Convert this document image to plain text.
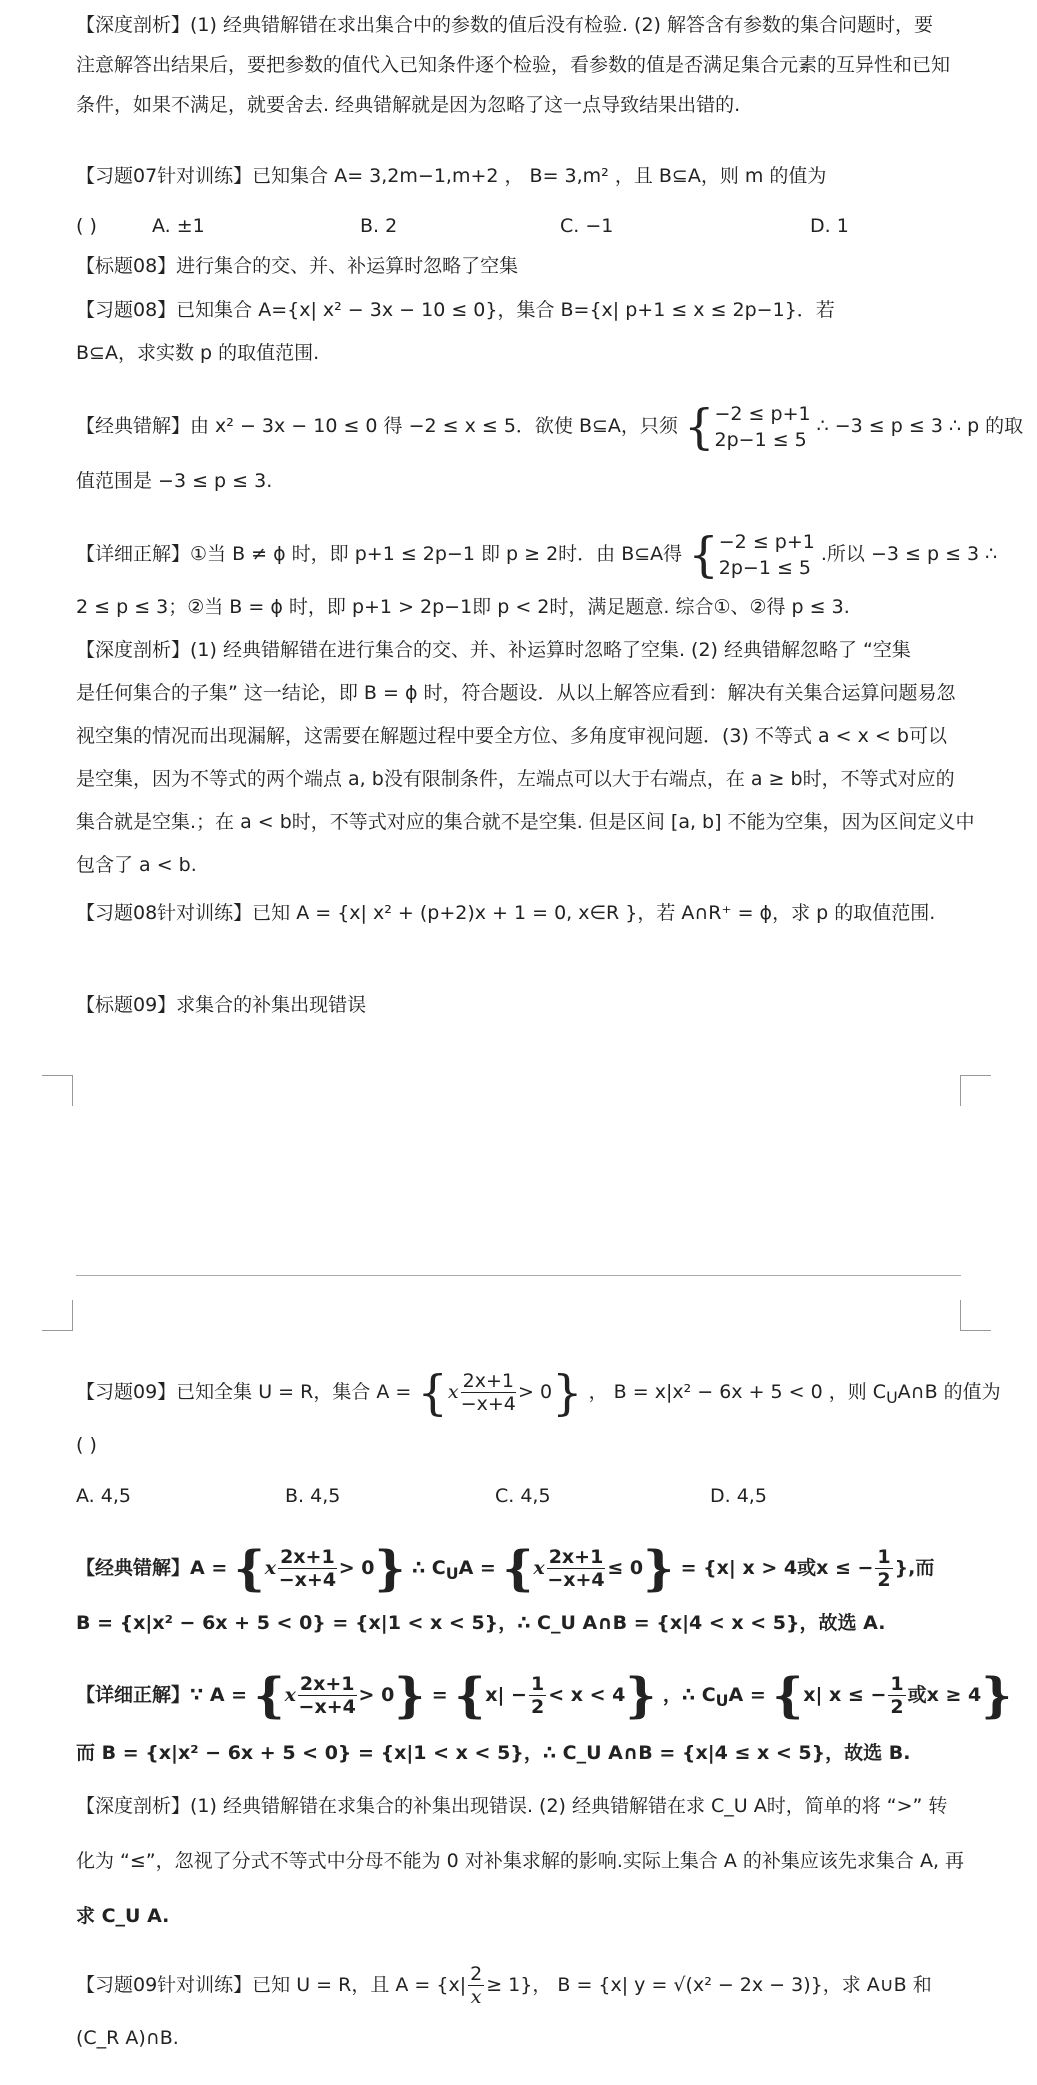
【深度剖析】(1) 经典错解错在求出集合中的参数的值后没有检验. (2) 解答含有参数的集合问题时，要
注意解答出结果后，要把参数的值代入已知条件逐个检验，看参数的值是否满足集合元素的互异性和已知
条件，如果不满足，就要舍去. 经典错解就是因为忽略了这一点导致结果出错的.
【习题07针对训练】已知集合 A= 3,2m−1,m+2 ， B= 3,m² ，且 B⊆A，则 m 的值为
( )	A. ±1	B. 2	C. −1	D. 1
【标题08】进行集合的交、并、补运算时忽略了空集
【习题08】已知集合 A={x| x² − 3x − 10 ≤ 0}，集合 B={x| p+1 ≤ x ≤ 2p−1}．若
B⊆A，求实数 p 的取值范围.
【经典错解】由 x² − 3x − 10 ≤ 0 得 −2 ≤ x ≤ 5．欲使 B⊆A，只须 { −2 ≤ p+1
2p−1 ≤ 5
∴ −3 ≤ p ≤ 3 ∴ p 的取
值范围是 −3 ≤ p ≤ 3.
【详细正解】①当 B ≠ ϕ 时，即 p+1 ≤ 2p−1 即 p ≥ 2时．由 B⊆A得 { −2 ≤ p+1
2p−1 ≤ 5
.所以 −3 ≤ p ≤ 3 ∴
2 ≤ p ≤ 3；②当 B = ϕ 时，即 p+1 > 2p−1即 p < 2时，满足题意. 综合①、②得 p ≤ 3.
【深度剖析】(1) 经典错解错在进行集合的交、并、补运算时忽略了空集. (2) 经典错解忽略了 “空集
是任何集合的子集” 这一结论，即 B = ϕ 时，符合题设．从以上解答应看到：解决有关集合运算问题易忽
视空集的情况而出现漏解，这需要在解题过程中要全方位、多角度审视问题．(3) 不等式 a < x < b可以
是空集，因为不等式的两个端点 a, b没有限制条件，左端点可以大于右端点，在 a ≥ b时，不等式对应的
集合就是空集.；在 a < b时，不等式对应的集合就不是空集. 但是区间 [a, b] 不能为空集，因为区间定义中
包含了 a < b.
【习题08针对训练】已知 A = {x| x² + (p+2)x + 1 = 0, x∈R }，若 A∩R⁺ = ϕ，求 p 的取值范围.
【标题09】求集合的补集出现错误
【习题09】已知全集 U = R，集合 $A = \{x \frac{2x+1}{-x+4} > 0\}$ ， B = x|x² − 6x + 5 < 0 ，则 $C_UA\cap B$ 的值为
( )
A. 4,5	B. 4,5	C. 4,5	D. 4,5
【经典错解】$A = \{x \frac{2x+1}{-x+4} > 0\}$ ∴ $C_UA = \{x \frac{2x+1}{-x+4} \le 0\} = \{x|$ x > 4或x ≤ − $\frac{1}{2}$ },而
B = {x|x² − 6x + 5 < 0} = {x|1 < x < 5}，∴ C_U A∩B = {x|4 < x < 5}，故选 A.
【详细正解】∵ $A = \{x \frac{2x+1}{-x+4} > 0\} = \{x| - \frac{1}{2} < x < 4\}$ ，∴ $C_UA = \{x|$ x ≤ − $\frac{1}{2}$ 或x ≥ 4}
而 B = {x|x² − 6x + 5 < 0} = {x|1 < x < 5}，∴ C_U A∩B = {x|4 ≤ x < 5}，故选 B.
【深度剖析】(1) 经典错解错在求集合的补集出现错误. (2) 经典错解错在求 C_U A时，简单的将 “>” 转
化为 “≤”，忽视了分式不等式中分母不能为 0 对补集求解的影响.实际上集合 A 的补集应该先求集合 A, 再
求 C_U A.
【习题09针对训练】已知 U = R，且 $A = \{x| \frac{2}{x} \ge 1\}$， B = {x| y = √(x² − 2x − 3)}，求 A∪B 和
(C_R A)∩B.
